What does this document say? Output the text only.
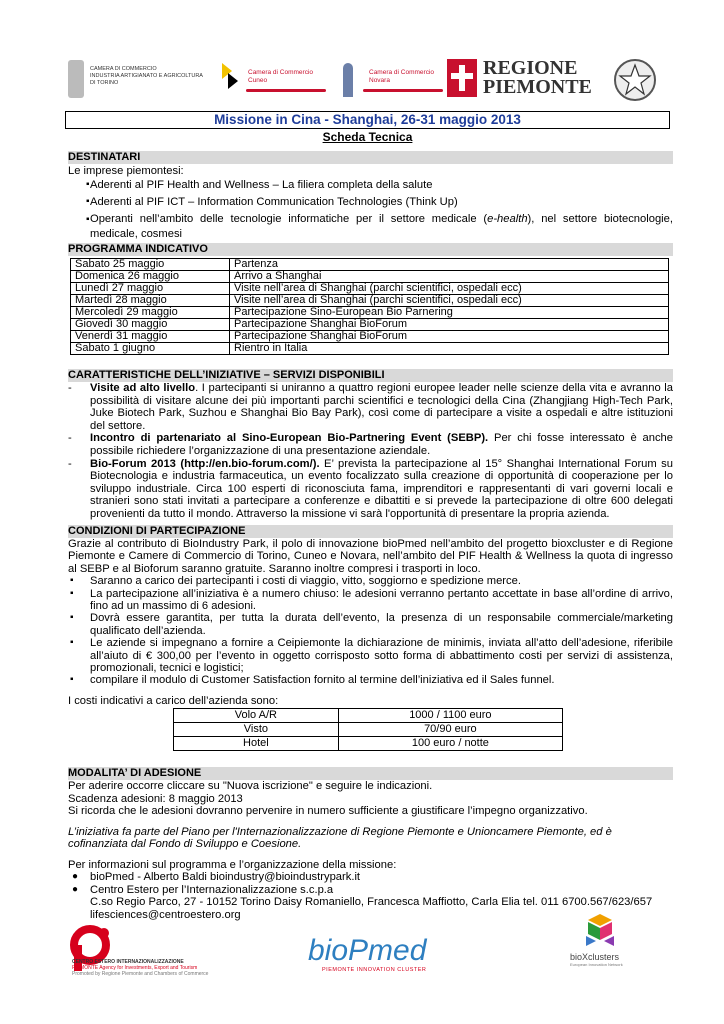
CAMERA DI COMMERCIO
INDUSTRIA ARTIGIANATO E AGRICOLTURA
DI TORINO
Camera di Commercio
Cuneo
Camera di Commercio
Novara
REGIONE
PIEMONTE
Missione in Cina - Shanghai, 26-31 maggio 2013
Scheda Tecnica
DESTINATARI
Le imprese piemontesi:
▪ Aderenti al PIF Health and Wellness – La filiera completa della salute
▪ Aderenti al PIF ICT – Information Communication Technologies (Think Up)
▪ Operanti nell’ambito delle tecnologie informatiche per il settore medicale (e-health), nel settore biotecnologie, medicale, cosmesi
PROGRAMMA INDICATIVO
Sabato 25 maggio	Partenza
Domenica 26 maggio	Arrivo a Shanghai
Lunedì 27 maggio	Visite nell’area di Shanghai (parchi scientifici, ospedali ecc)
Martedì 28 maggio	Visite nell’area di Shanghai (parchi scientifici, ospedali ecc)
Mercoledì 29 maggio	Partecipazione Sino-European Bio Parnering
Giovedì 30 maggio	Partecipazione Shanghai BioForum
Venerdì 31 maggio	Partecipazione Shanghai BioForum
Sabato 1 giugno	Rientro in Italia
CARATTERISTICHE DELL’INIZIATIVE – SERVIZI DISPONIBILI
- Visite ad alto livello. I partecipanti si uniranno a quattro regioni europee leader nelle scienze della vita e avranno la possibilità di visitare alcune dei più importanti parchi scientifici e tecnologici della Cina (Zhangjiang High-Tech Park, Juke Biotech Park, Suzhou e Shanghai Bio Bay Park), così come di partecipare a visite a ospedali e altre istituzioni del settore.
- Incontro di partenariato al Sino-European Bio-Partnering Event (SEBP). Per chi fosse interessato è anche possibile richiedere l’organizzazione di una presentazione aziendale.
- Bio-Forum 2013 (http://en.bio-forum.com/). E’ prevista la partecipazione al 15° Shanghai International Forum su Biotecnologia e industria farmaceutica, un evento focalizzato sulla creazione di opportunità di cooperazione per lo sviluppo industriale. Circa 100 esperti di riconosciuta fama, imprenditori e rappresentanti di vari governi locali e stranieri sono stati invitati a partecipare a conferenze e dibattiti e si prevede la partecipazione di oltre 600 delegati provenienti da tutto il mondo. Attraverso la missione vi sarà l'opportunità di presentare la propria azienda.
CONDIZIONI DI PARTECIPAZIONE
Grazie al contributo di BioIndustry Park, il polo di innovazione bioPmed nell’ambito del progetto bioxcluster e di Regione Piemonte e Camere di Commercio di Torino, Cuneo e Novara, nell’ambito del PIF Health & Wellness la quota di ingresso al SEBP e al Bioforum saranno gratuite. Saranno inoltre compresi i trasporti in loco.
▪ Saranno a carico dei partecipanti i costi di viaggio, vitto, soggiorno e spedizione merce.
▪ La partecipazione all’iniziativa è a numero chiuso: le adesioni verranno pertanto accettate in base all’ordine di arrivo, fino ad un massimo di 6 adesioni.
▪ Dovrà essere garantita, per tutta la durata dell’evento, la presenza di un responsabile commerciale/marketing qualificato dell’azienda.
▪ Le aziende si impegnano a fornire a Ceipiemonte la dichiarazione de minimis, inviata all’atto dell’adesione, riferibile all’aiuto di € 300,00 per l’evento in oggetto corrisposto sotto forma di abbattimento costi per servizi di assistenza, promozionali, tecnici e logistici;
▪ compilare il modulo di Customer Satisfaction fornito al termine dell’iniziativa ed il Sales funnel.
I costi indicativi a carico dell’azienda sono:
Volo A/R	1000 / 1100 euro
Visto	70/90 euro
Hotel	100 euro / notte
MODALITA’ DI ADESIONE
Per aderire occorre cliccare su "Nuova iscrizione" e seguire le indicazioni.
Scadenza adesioni: 8 maggio 2013
Si ricorda che le adesioni dovranno pervenire in numero sufficiente a giustificare l’impegno organizzativo.
L’iniziativa fa parte del Piano per l'Internazionalizzazione di Regione Piemonte e Unioncamere Piemonte, ed è cofinanziata dal Fondo di Sviluppo e Coesione.
Per informazioni sul programma e l’organizzazione della missione:
● bioPmed - Alberto Baldi bioindustry@bioindustrypark.it
● Centro Estero per l’Internazionalizzazione s.c.p.a
C.so Regio Parco, 27 - 10152 Torino Daisy Romaniello, Francesca Maffiotto, Carla Elia tel. 011 6700.567/623/657
lifesciences@centroestero.org
CENTRO ESTERO INTERNAZIONALIZZAZIONE
PIEMONTE Agency for Investments, Export and Tourism
Promoted by Regione Piemonte and Chambers of Commerce
bioPmed
PIEMONTE INNOVATION CLUSTER
bioXclusters
European Innovation Network
